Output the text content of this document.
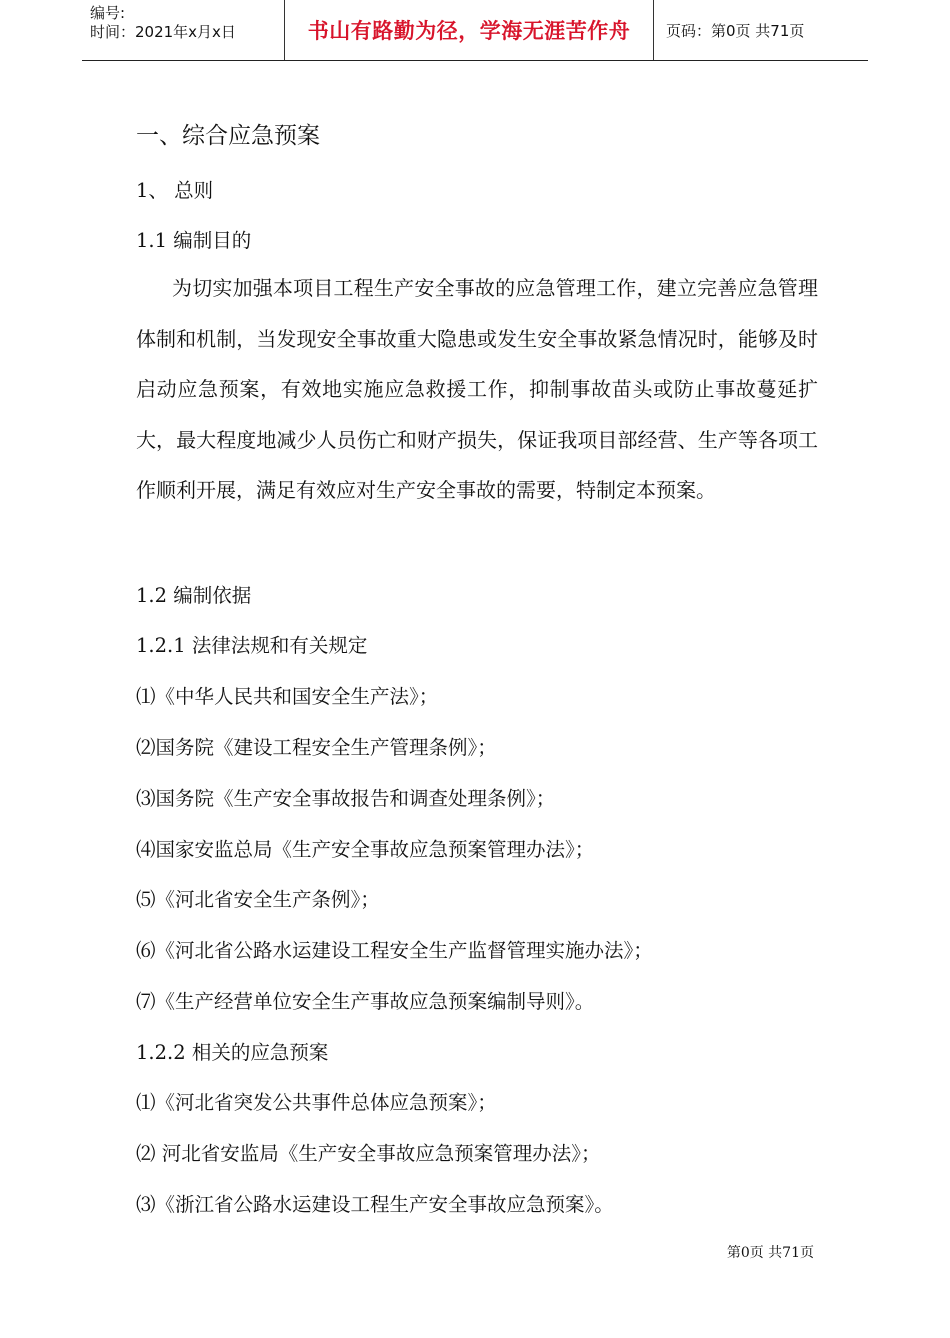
编号:
时间：2021年x月x日	书山有路勤为径，学海无涯苦作舟 页码：第0页 共71页
一、综合应急预案
1、 总则
1.1 编制目的
为切实加强本项目工程生产安全事故的应急管理工作，建立完善应急管理体制和机制，当发现安全事故重大隐患或发生安全事故紧急情况时，能够及时启动应急预案，有效地实施应急救援工作，抑制事故苗头或防止事故蔓延扩大，最大程度地减少人员伤亡和财产损失，保证我项目部经营、生产等各项工作顺利开展，满足有效应对生产安全事故的需要，特制定本预案。
1.2 编制依据
1.2.1 法律法规和有关规定
⑴《中华人民共和国安全生产法》；
⑵国务院《建设工程安全生产管理条例》；
⑶国务院《生产安全事故报告和调查处理条例》；
⑷国家安监总局《生产安全事故应急预案管理办法》；
⑸《河北省安全生产条例》；
⑹《河北省公路水运建设工程安全生产监督管理实施办法》；
⑺《生产经营单位安全生产事故应急预案编制导则》。
1.2.2 相关的应急预案
⑴《河北省突发公共事件总体应急预案》；
⑵ 河北省安监局《生产安全事故应急预案管理办法》；
⑶《浙江省公路水运建设工程生产安全事故应急预案》。
第0页 共71页
